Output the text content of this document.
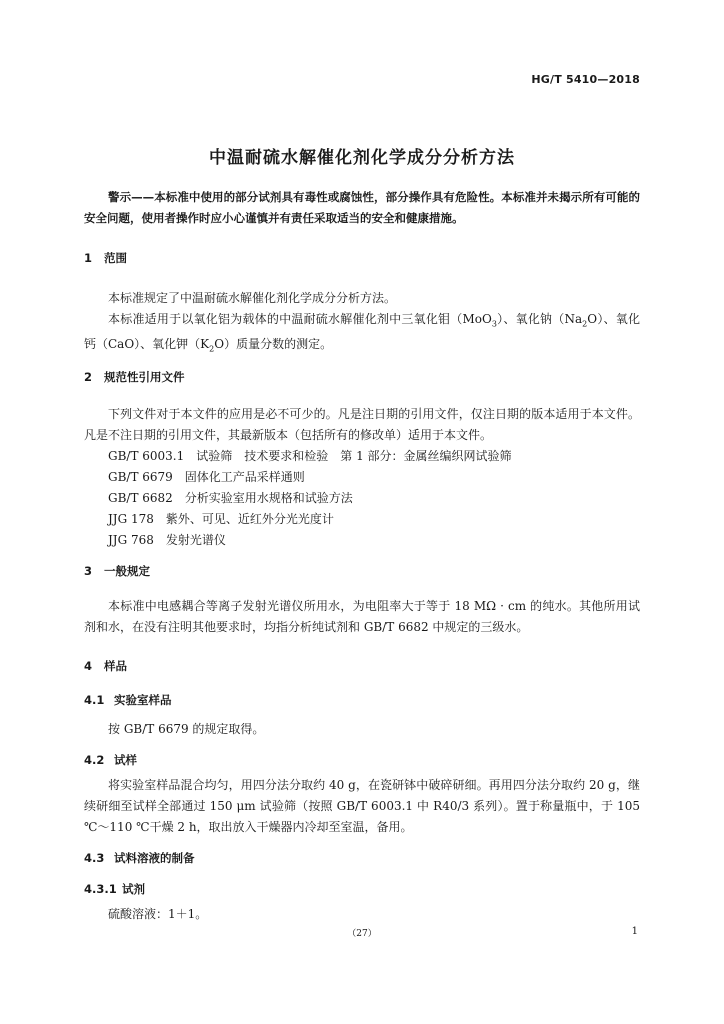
HG/T 5410—2018
中温耐硫水解催化剂化学成分分析方法
警示——本标准中使用的部分试剂具有毒性或腐蚀性，部分操作具有危险性。本标准并未揭示所有可能的安全问题，使用者操作时应小心谨慎并有责任采取适当的安全和健康措施。
1 范围

本标准规定了中温耐硫水解催化剂化学成分分析方法。

本标准适用于以氧化铝为载体的中温耐硫水解催化剂中三氧化钼（MoO$_3$）、氧化钠$(Na_2O)$、氧化钙（CaO）、氧化钾$(K_2O)$质量分数的测定。

2 规范性引用文件

下列文件对于本文件的应用是必不可少的。凡是注日期的引用文件，仅注日期的版本适用于本文件。凡是不注日期的引用文件，其最新版本（包括所有的修改单）适用于本文件。

GB/T 6003.1　试验筛　技术要求和检验　第 1 部分：金属丝编织网试验筛

GB/T 6679　固体化工产品采样通则

GB/T 6682　分析实验室用水规格和试验方法

JJG 178　紫外、可见、近红外分光光度计

JJG 768　发射光谱仪

3 一般规定

本标准中电感耦合等离子发射光谱仪所用水，为电阻率大于等于 18 MΩ · cm 的纯水。其他所用试剂和水，在没有注明其他要求时，均指分析纯试剂和 GB/T 6682 中规定的三级水。

4 样品
4.1 实验室样品

按 GB/T 6679 的规定取得。

4.2 试样

将实验室样品混合均匀，用四分法分取约 40 g，在瓷研钵中破碎研细。再用四分法分取约 20 g，继续研细至试样全部通过 150 μm 试验筛（按照 GB/T 6003.1 中 R40/3 系列）。置于称量瓶中，于 105 ℃～110 ℃干燥 2 h，取出放入干燥器内冷却至室温，备用。

4.3 试料溶液的制备
4.3.1 试剂

硫酸溶液：1＋1。

（27）	1
